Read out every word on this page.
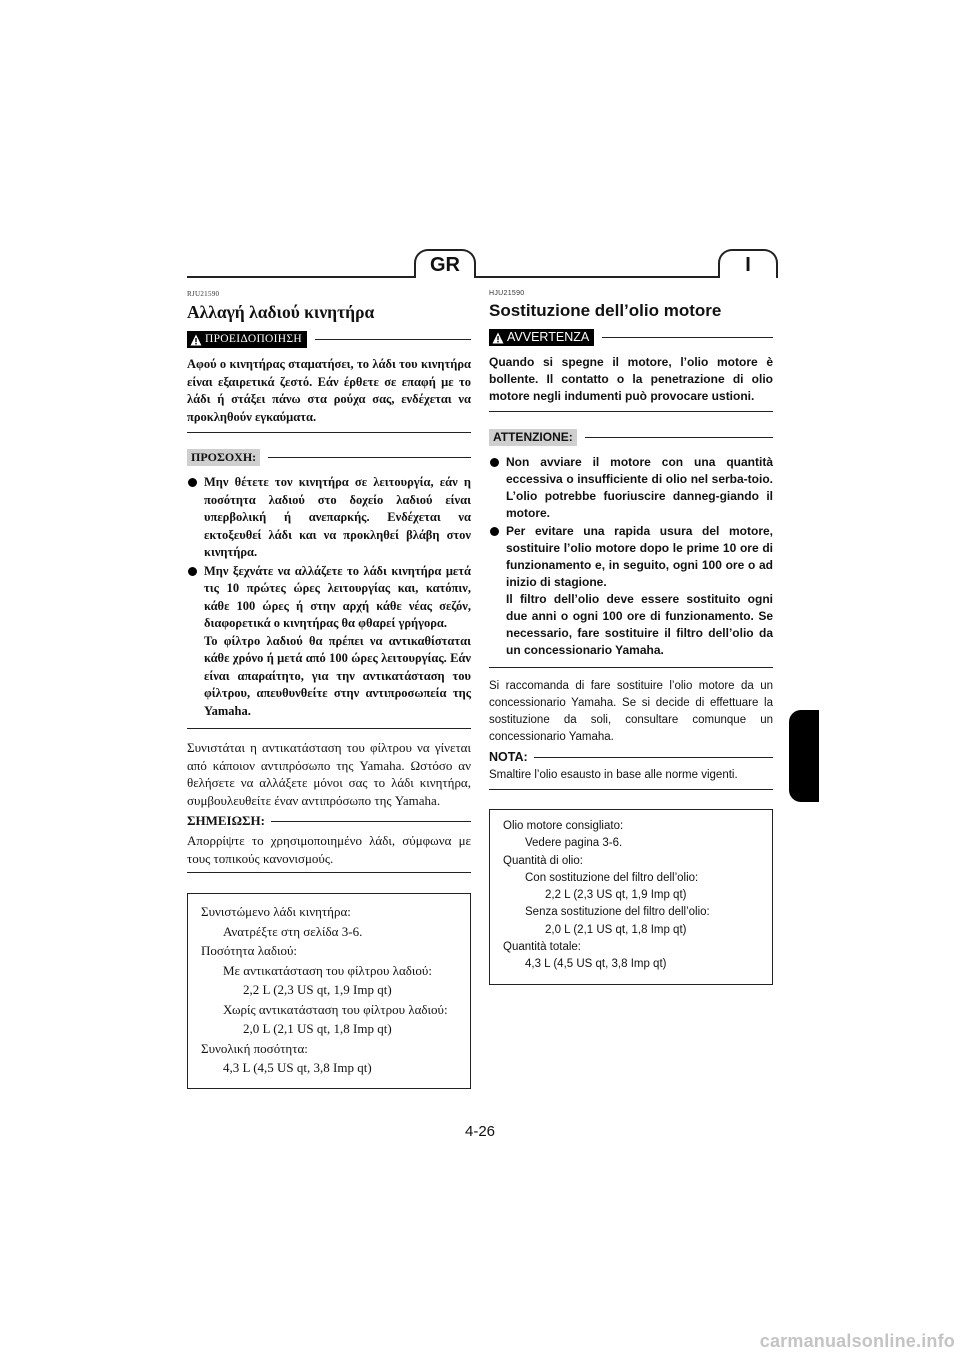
GR	I
RJU21590
Αλλαγή λαδιού κινητήρα
ΠΡΟΕΙΔΟΠΟΙΗΣΗ
Αφού ο κινητήρας σταματήσει, το λάδι του κινητήρα είναι εξαιρετικά ζεστό. Εάν έρθετε σε επαφή με το λάδι ή στάξει πάνω στα ρούχα σας, ενδέχεται να προκληθούν εγκαύματα.
ΠΡΟΣΟΧΗ:
Μην θέτετε τον κινητήρα σε λειτουργία, εάν η ποσότητα λαδιού στο δοχείο λαδιού είναι υπερβολική ή ανεπαρκής. Ενδέχεται να εκτοξευθεί λάδι και να προκληθεί βλάβη στον κινητήρα.
Μην ξεχνάτε να αλλάζετε το λάδι κινητήρα μετά τις 10 πρώτες ώρες λειτουργίας και, κατόπιν, κάθε 100 ώρες ή στην αρχή κάθε νέας σεζόν, διαφορετικά ο κινητήρας θα φθαρεί γρήγορα.
Το φίλτρο λαδιού θα πρέπει να αντικαθίσταται κάθε χρόνο ή μετά από 100 ώρες λειτουργίας. Εάν είναι απαραίτητο, για την αντικατάσταση του φίλτρου, απευθυνθείτε στην αντιπροσωπεία της Yamaha.
Συνιστάται η αντικατάσταση του φίλτρου να γίνεται από κάποιον αντιπρόσωπο της Yamaha. Ωστόσο αν θελήσετε να αλλάξετε μόνοι σας το λάδι κινητήρα, συμβουλευθείτε έναν αντιπρόσωπο της Yamaha.
ΣΗΜΕΙΩΣΗ:
Απορρίψτε το χρησιμοποιημένο λάδι, σύμφωνα με τους τοπικούς κανονισμούς.
Συνιστώμενο λάδι κινητήρα:
Ανατρέξτε στη σελίδα 3-6.
Ποσότητα λαδιού:
Με αντικατάσταση του φίλτρου λαδιού:
2,2 L (2,3 US qt, 1,9 Imp qt)
Χωρίς αντικατάσταση του φίλτρου λαδιού:
2,0 L (2,1 US qt, 1,8 Imp qt)
Συνολική ποσότητα:
4,3 L (4,5 US qt, 3,8 Imp qt)
HJU21590
Sostituzione dell’olio motore
AVVERTENZA
Quando si spegne il motore, l’olio motore è bollente. Il contatto o la penetrazione di olio motore negli indumenti può provocare ustioni.
ATTENZIONE:
Non avviare il motore con una quantità eccessiva o insufficiente di olio nel serba-toio. L’olio potrebbe fuoriuscire danneg-giando il motore.
Per evitare una rapida usura del motore, sostituire l’olio motore dopo le prime 10 ore di funzionamento e, in seguito, ogni 100 ore o ad inizio di stagione.
Il filtro dell’olio deve essere sostituito ogni due anni o ogni 100 ore di funzionamento. Se necessario, fare sostituire il filtro dell’olio da un concessionario Yamaha.
Si raccomanda di fare sostituire l’olio motore da un concessionario Yamaha. Se si decide di effettuare la sostituzione da soli, consultare comunque un concessionario Yamaha.
NOTA:
Smaltire l’olio esausto in base alle norme vigenti.
Olio motore consigliato:
Vedere pagina 3-6.
Quantità di olio:
Con sostituzione del filtro dell’olio:
2,2 L (2,3 US qt, 1,9 Imp qt)
Senza sostituzione del filtro dell’olio:
2,0 L (2,1 US qt, 1,8 Imp qt)
Quantità totale:
4,3 L (4,5 US qt, 3,8 Imp qt)
4-26
carmanualsonline.info
